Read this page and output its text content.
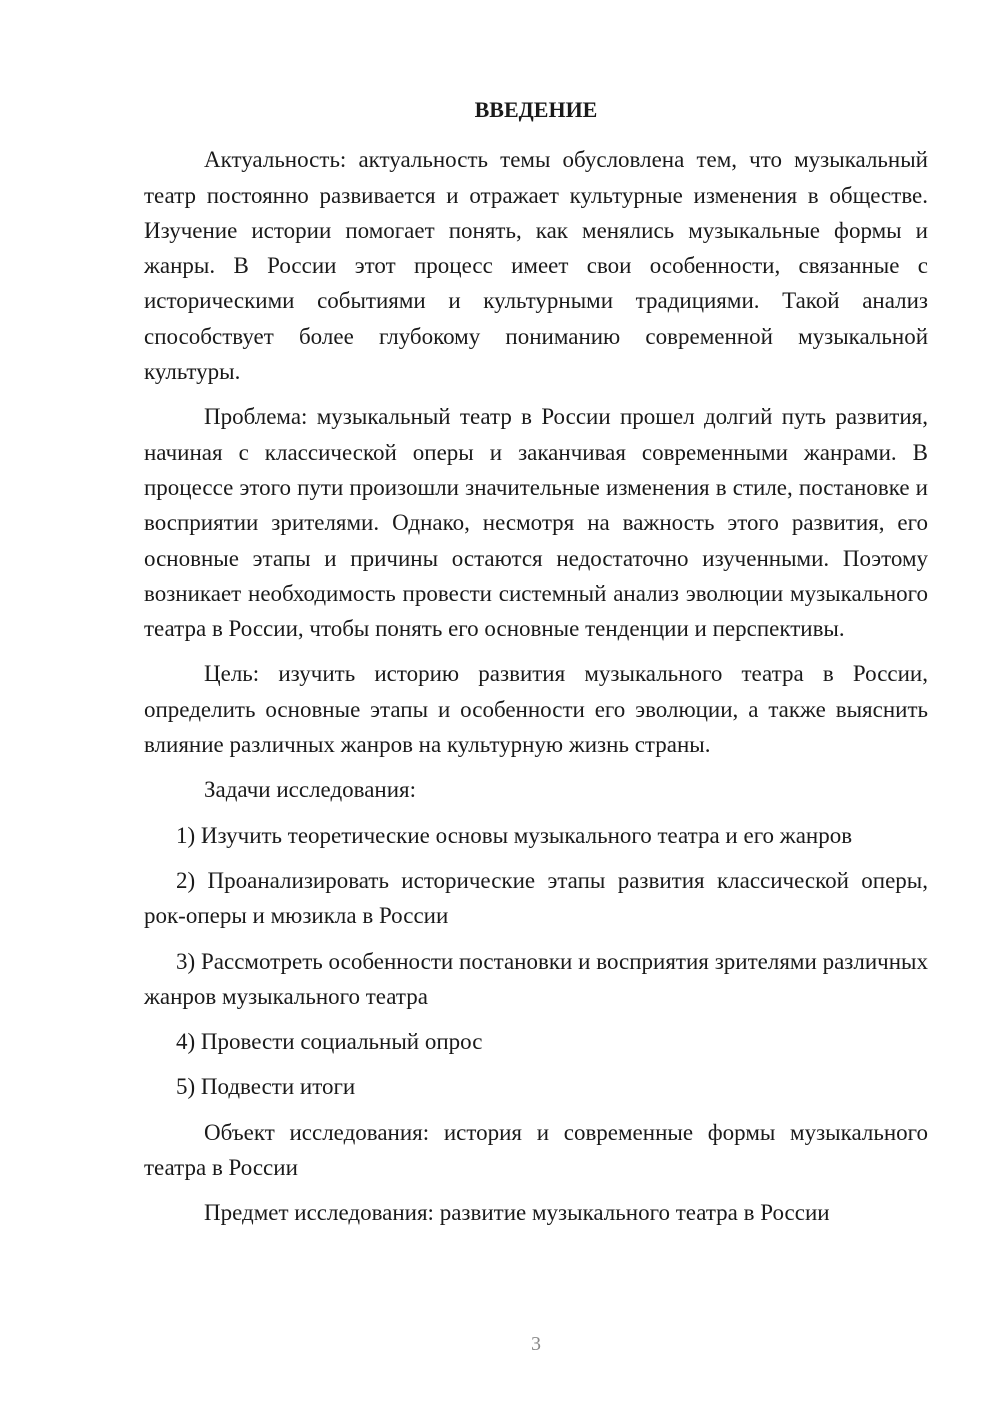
ВВЕДЕНИЕ

Актуальность: актуальность темы обусловлена тем, что музыкальный театр постоянно развивается и отражает культурные изменения в обществе. Изучение истории помогает понять, как менялись музыкальные формы и жанры. В России этот процесс имеет свои особенности, связанные с историческими событиями и культурными традициями. Такой анализ способствует более глубокому пониманию современной музыкальной культуры.

Проблема: музыкальный театр в России прошел долгий путь развития, начиная с классической оперы и заканчивая современными жанрами. В процессе этого пути произошли значительные изменения в стиле, постановке и восприятии зрителями. Однако, несмотря на важность этого развития, его основные этапы и причины остаются недостаточно изученными. Поэтому возникает необходимость провести системный анализ эволюции музыкального театра в России, чтобы понять его основные тенденции и перспективы.

Цель: изучить историю развития музыкального театра в России, определить основные этапы и особенности его эволюции, а также выяснить влияние различных жанров на культурную жизнь страны.

Задачи исследования:

1) Изучить теоретические основы музыкального театра и его жанров

2) Проанализировать исторические этапы развития классической оперы, рок-оперы и мюзикла в России

3) Рассмотреть особенности постановки и восприятия зрителями различных жанров музыкального театра

4) Провести социальный опрос

5) Подвести итоги

Объект исследования: история и современные формы музыкального театра в России

Предмет исследования: развитие музыкального театра в России

3
